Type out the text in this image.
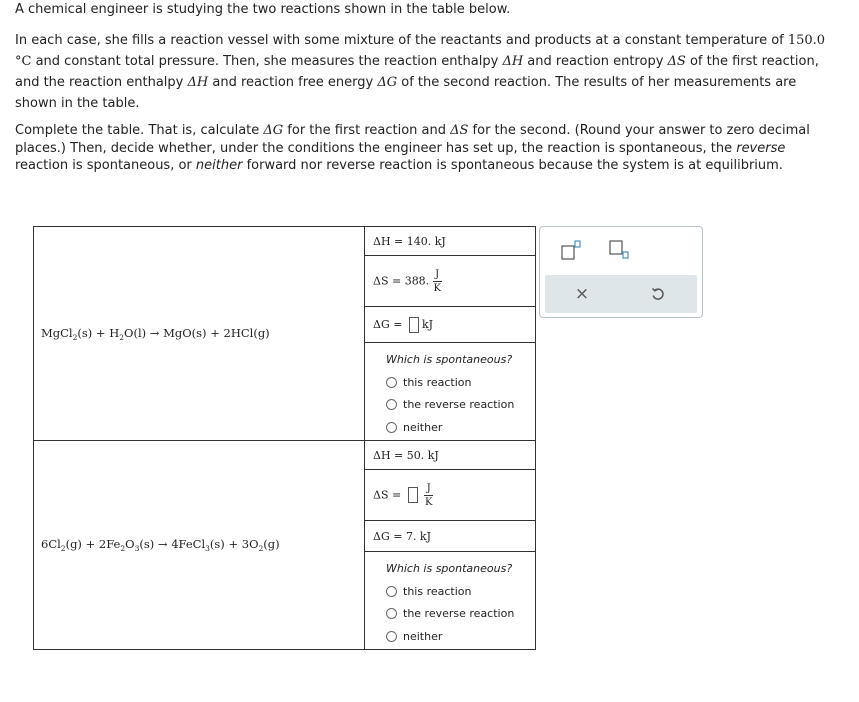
A chemical engineer is studying the two reactions shown in the table below.

In each case, she fills a reaction vessel with some mixture of the reactants and products at a constant temperature of 150.0 °C and constant total pressure. Then, she measures the reaction enthalpy ΔH and reaction entropy ΔS of the first reaction, and the reaction enthalpy ΔH and reaction free energy ΔG of the second reaction. The results of her measurements are shown in the table.

Complete the table. That is, calculate ΔG for the first reaction and ΔS for the second. (Round your answer to zero decimal places.) Then, decide whether, under the conditions the engineer has set up, the reaction is spontaneous, the reverse reaction is spontaneous, or neither forward nor reverse reaction is spontaneous because the system is at equilibrium.

MgCl$_2$(s) + $H_2O(l) \to MgO(s) + 2HCl(g)$	ΔH = 140. kJ
	ΔS = 388. $\frac{J}{K}$

	ΔG = kJ

	Which is spontaneous?
this reaction
the reverse reaction
neither

$6Cl_2(g) + 2Fe_2O_3(s)$ → 4FeCl$_3$(s) + $3O_2(g)$	ΔH = 50. kJ
	$\Delta S = \frac{J}{K}$

	ΔG = 7. kJ

	Which is spontaneous?
this reaction
the reverse reaction
neither
×
